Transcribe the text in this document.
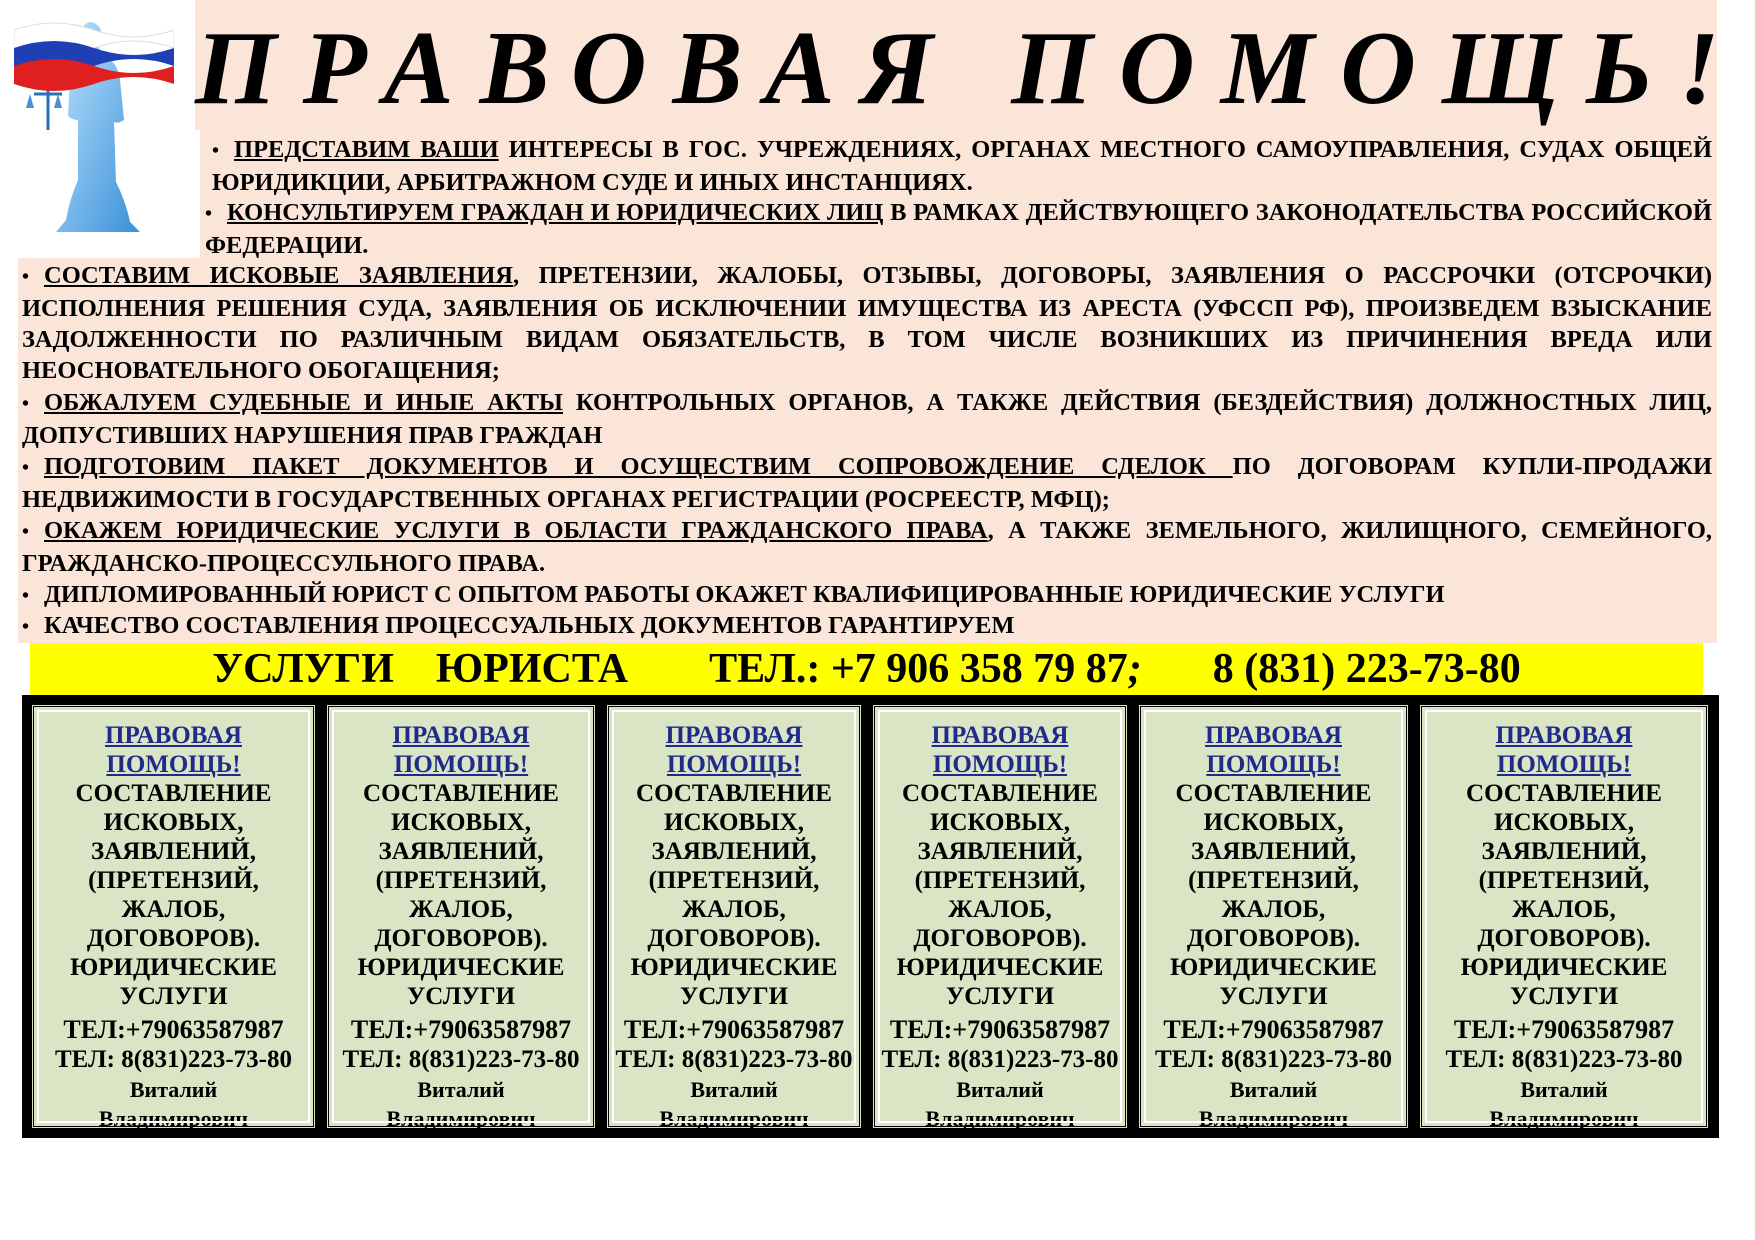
ПРАВОВАЯ ПОМОЩЬ!
• ПРЕДСТАВИМ ВАШИ ИНТЕРЕСЫ В ГОС. УЧРЕЖДЕНИЯХ, ОРГАНАХ МЕСТНОГО САМОУПРАВЛЕНИЯ, СУДАХ ОБЩЕЙ ЮРИДИКЦИИ, АРБИТРАЖНОМ СУДЕ И ИНЫХ ИНСТАНЦИЯХ.
• КОНСУЛЬТИРУЕМ ГРАЖДАН И ЮРИДИЧЕСКИХ ЛИЦ В РАМКАХ ДЕЙСТВУЮЩЕГО ЗАКОНОДАТЕЛЬСТВА РОССИЙСКОЙ ФЕДЕРАЦИИ.
• СОСТАВИМ ИСКОВЫЕ ЗАЯВЛЕНИЯ, ПРЕТЕНЗИИ, ЖАЛОБЫ, ОТЗЫВЫ, ДОГОВОРЫ, ЗАЯВЛЕНИЯ О РАССРОЧКИ (ОТСРОЧКИ) ИСПОЛНЕНИЯ РЕШЕНИЯ СУДА, ЗАЯВЛЕНИЯ ОБ ИСКЛЮЧЕНИИ ИМУЩЕСТВА ИЗ АРЕСТА (УФССП РФ), ПРОИЗВЕДЕМ ВЗЫСКАНИЕ ЗАДОЛЖЕННОСТИ ПО РАЗЛИЧНЫМ ВИДАМ ОБЯЗАТЕЛЬСТВ, В ТОМ ЧИСЛЕ ВОЗНИКШИХ ИЗ ПРИЧИНЕНИЯ ВРЕДА ИЛИ НЕОСНОВАТЕЛЬНОГО ОБОГАЩЕНИЯ;
• ОБЖАЛУЕМ СУДЕБНЫЕ И ИНЫЕ АКТЫ КОНТРОЛЬНЫХ ОРГАНОВ, А ТАКЖЕ ДЕЙСТВИЯ (БЕЗДЕЙСТВИЯ) ДОЛЖНОСТНЫХ ЛИЦ, ДОПУСТИВШИХ НАРУШЕНИЯ ПРАВ ГРАЖДАН
• ПОДГОТОВИМ ПАКЕТ ДОКУМЕНТОВ И ОСУЩЕСТВИМ СОПРОВОЖДЕНИЕ СДЕЛОК ПО ДОГОВОРАМ КУПЛИ-ПРОДАЖИ НЕДВИЖИМОСТИ В ГОСУДАРСТВЕННЫХ ОРГАНАХ РЕГИСТРАЦИИ (РОСРЕЕСТР, МФЦ);
• ОКАЖЕМ ЮРИДИЧЕСКИЕ УСЛУГИ В ОБЛАСТИ ГРАЖДАНСКОГО ПРАВА, А ТАКЖЕ ЗЕМЕЛЬНОГО, ЖИЛИЩНОГО, СЕМЕЙНОГО, ГРАЖДАНСКО-ПРОЦЕССУЛЬНОГО ПРАВА.
• ДИПЛОМИРОВАННЫЙ ЮРИСТ С ОПЫТОМ РАБОТЫ ОКАЖЕТ КВАЛИФИЦИРОВАННЫЕ ЮРИДИЧЕСКИЕ УСЛУГИ
• КАЧЕСТВО СОСТАВЛЕНИЯ ПРОЦЕССУАЛЬНЫХ ДОКУМЕНТОВ ГАРАНТИРУЕМ
УСЛУГИ    ЮРИСТА ТЕЛ.: +7 906 358 79 87; 8 (831) 223-73-80
ПРАВОВАЯ
ПОМОЩЬ!
СОСТАВЛЕНИЕ
ИСКОВЫХ,
ЗАЯВЛЕНИЙ,
(ПРЕТЕНЗИЙ,
ЖАЛОБ,
ДОГОВОРОВ).
ЮРИДИЧЕСКИЕ
УСЛУГИ
ТЕЛ:+79063587987
ТЕЛ: 8(831)223-73-80
Виталий
Владимирович
ПРАВОВАЯ
ПОМОЩЬ!
СОСТАВЛЕНИЕ
ИСКОВЫХ,
ЗАЯВЛЕНИЙ,
(ПРЕТЕНЗИЙ,
ЖАЛОБ,
ДОГОВОРОВ).
ЮРИДИЧЕСКИЕ
УСЛУГИ
ТЕЛ:+79063587987
ТЕЛ: 8(831)223-73-80
Виталий
Владимирович
ПРАВОВАЯ
ПОМОЩЬ!
СОСТАВЛЕНИЕ
ИСКОВЫХ,
ЗАЯВЛЕНИЙ,
(ПРЕТЕНЗИЙ,
ЖАЛОБ,
ДОГОВОРОВ).
ЮРИДИЧЕСКИЕ
УСЛУГИ
ТЕЛ:+79063587987
ТЕЛ: 8(831)223-73-80
Виталий
Владимирович
ПРАВОВАЯ
ПОМОЩЬ!
СОСТАВЛЕНИЕ
ИСКОВЫХ,
ЗАЯВЛЕНИЙ,
(ПРЕТЕНЗИЙ,
ЖАЛОБ,
ДОГОВОРОВ).
ЮРИДИЧЕСКИЕ
УСЛУГИ
ТЕЛ:+79063587987
ТЕЛ: 8(831)223-73-80
Виталий
Владимирович
ПРАВОВАЯ
ПОМОЩЬ!
СОСТАВЛЕНИЕ
ИСКОВЫХ,
ЗАЯВЛЕНИЙ,
(ПРЕТЕНЗИЙ,
ЖАЛОБ,
ДОГОВОРОВ).
ЮРИДИЧЕСКИЕ
УСЛУГИ
ТЕЛ:+79063587987
ТЕЛ: 8(831)223-73-80
Виталий
Владимирович
ПРАВОВАЯ
ПОМОЩЬ!
СОСТАВЛЕНИЕ
ИСКОВЫХ,
ЗАЯВЛЕНИЙ,
(ПРЕТЕНЗИЙ,
ЖАЛОБ,
ДОГОВОРОВ).
ЮРИДИЧЕСКИЕ
УСЛУГИ
ТЕЛ:+79063587987
ТЕЛ: 8(831)223-73-80
Виталий
Владимирович
